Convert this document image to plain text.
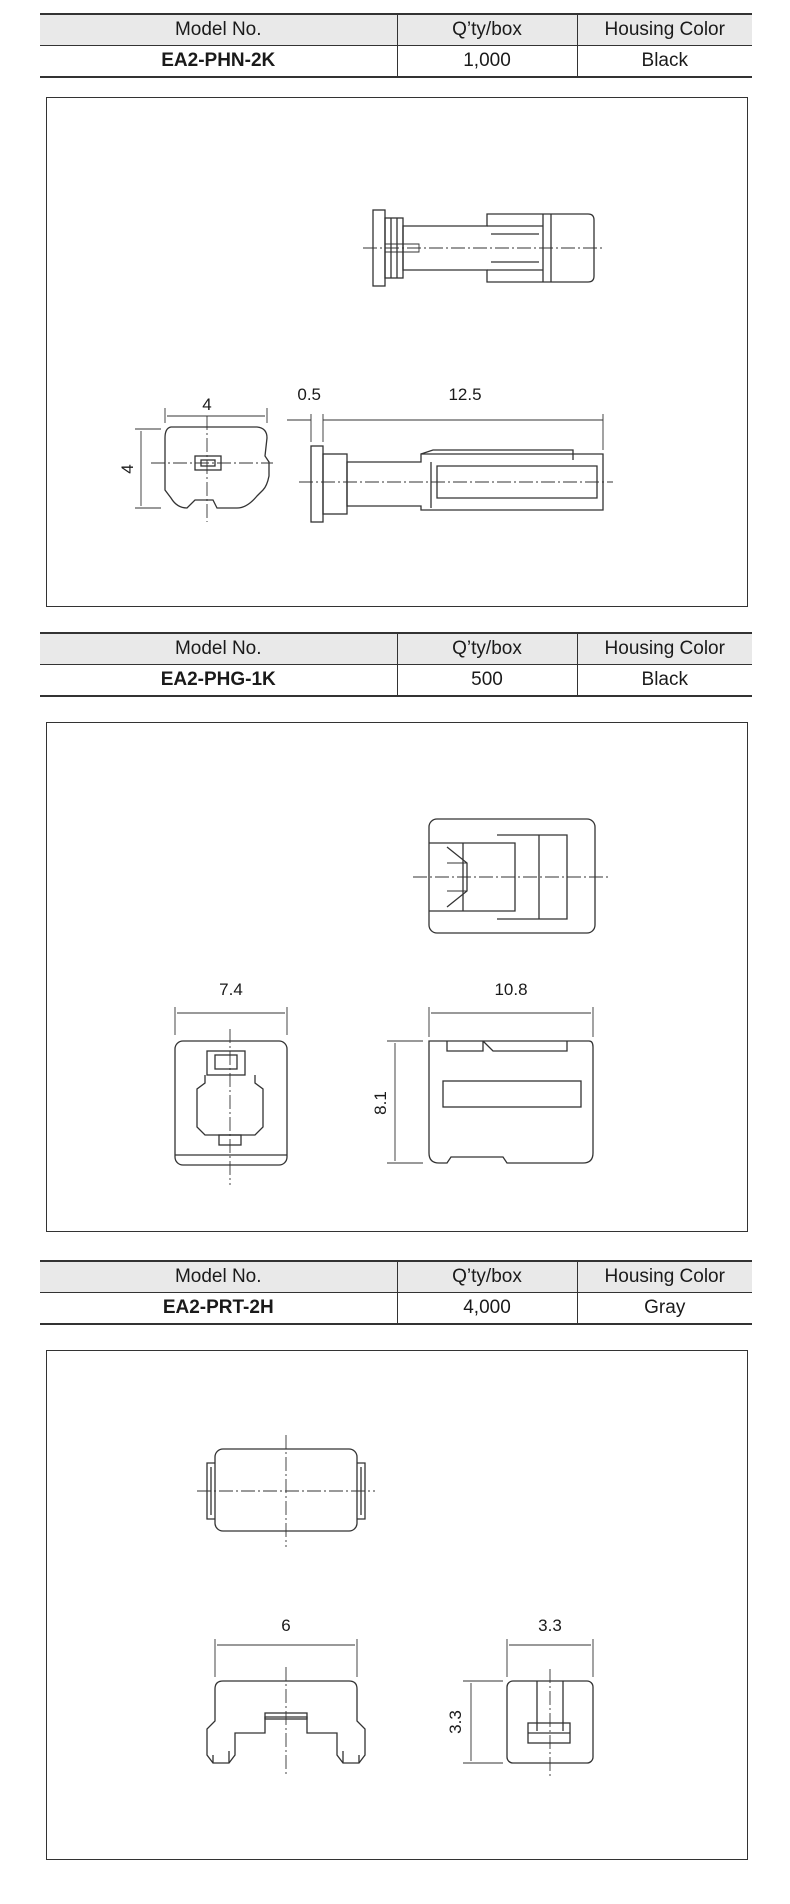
Model No.	Q’ty/box	Housing Color
EA2-PHN-2K	1,000	Black
4
4
0.5	12.5
Model No.	Q’ty/box	Housing Color
EA2-PHG-1K	500	Black
7.4	10.8
8.1
Model No.	Q’ty/box	Housing Color
EA2-PRT-2H	4,000	Gray
6	3.3
3.3
